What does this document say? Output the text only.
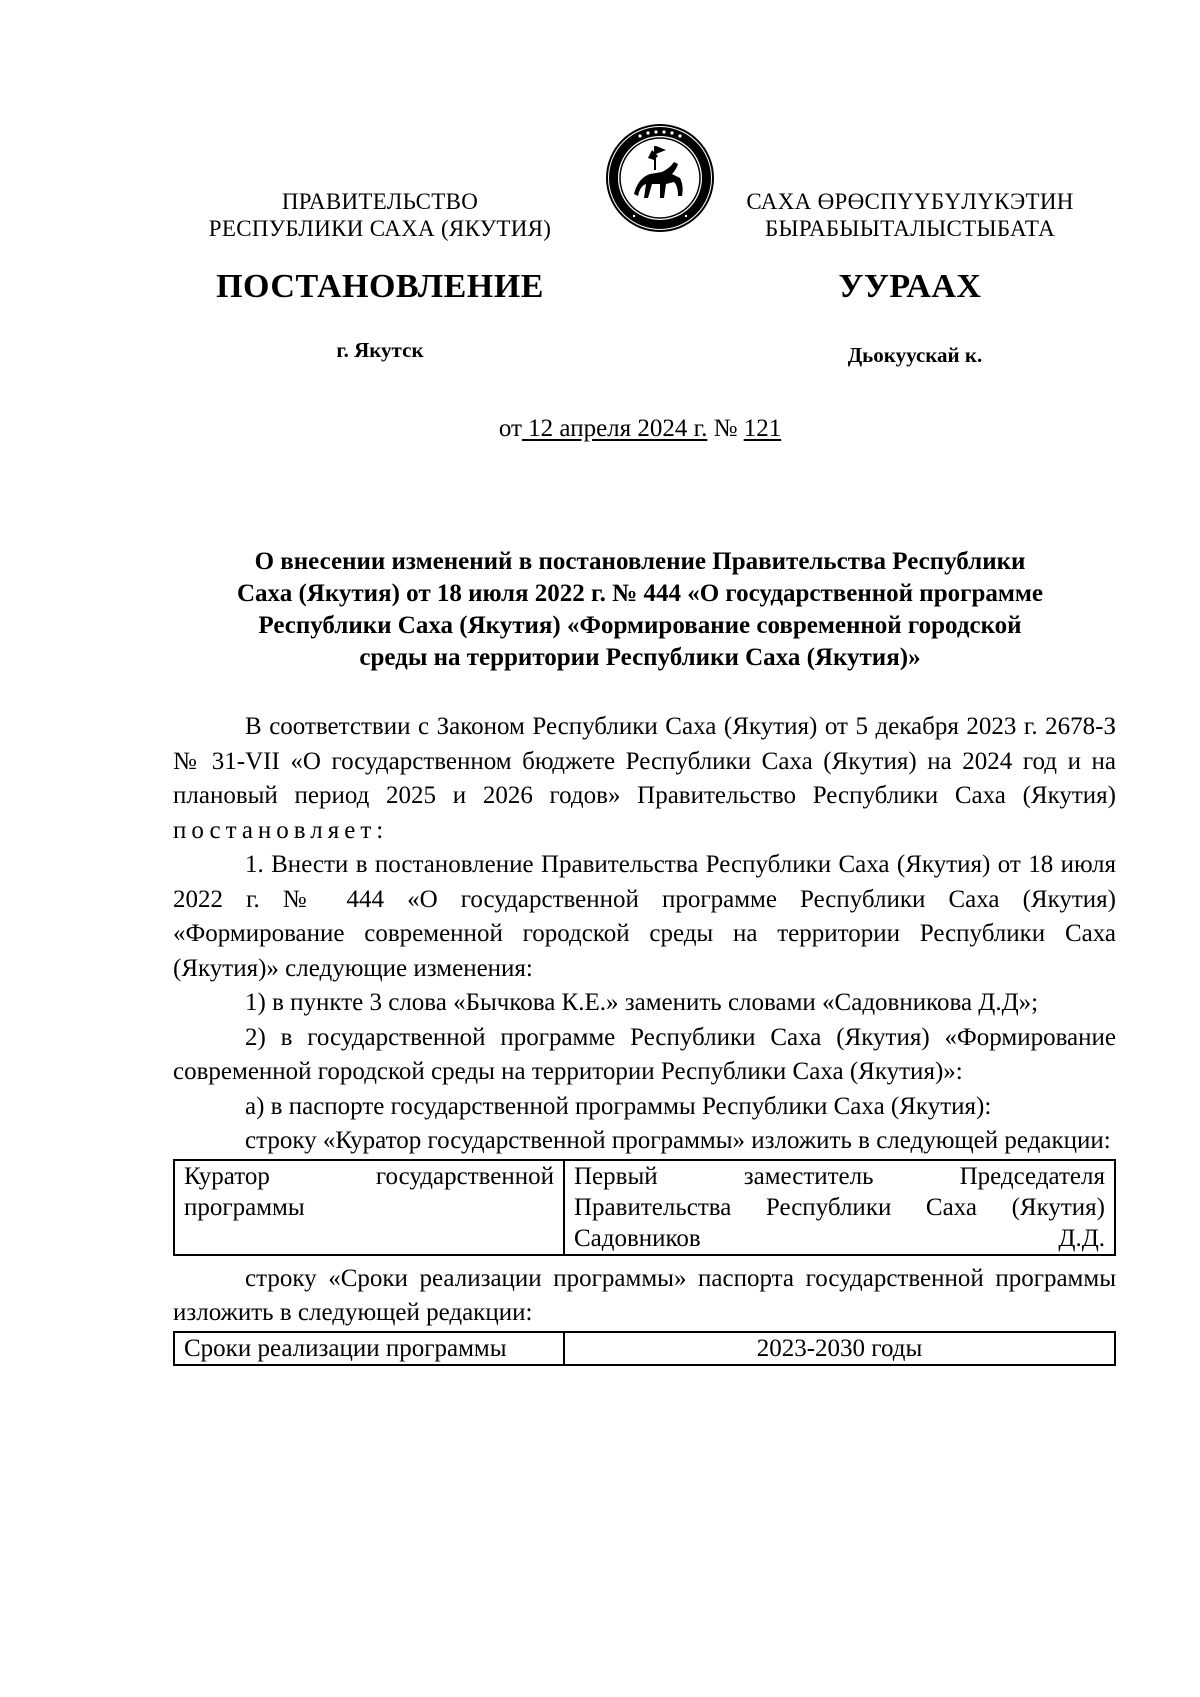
ПРАВИТЕЛЬСТВО
РЕСПУБЛИКИ САХА (ЯКУТИЯ)
САХА ӨРӨСПҮҮБҮЛҮКЭТИН
БЫРАБЫЫТАЛЫСТЫБАТА
ПОСТАНОВЛЕНИЕ	УУРААХ
г. Якутск	Дьокуускай к.
от 12 апреля 2024 г. № 121
О внесении изменений в постановление Правительства Республики
Саха (Якутия) от 18 июля 2022 г. № 444 «О государственной программе
Республики Саха (Якутия) «Формирование современной городской
среды на территории Республики Саха (Якутия)»

В соответствии с Законом Республики Саха (Якутия) от 5 декабря 2023 г. 2678-З № 31-VII «О государственном бюджете Республики Саха (Якутия) на 2024 год и на плановый период 2025 и 2026 годов» Правительство Республики Саха (Якутия) постановляет:

1. Внести в постановление Правительства Республики Саха (Якутия) от 18 июля 2022 г. № 444 «О государственной программе Республики Саха (Якутия) «Формирование современной городской среды на территории Республики Саха (Якутия)» следующие изменения:

1) в пункте 3 слова «Бычкова К.Е.» заменить словами «Садовникова Д.Д»;

2) в государственной программе Республики Саха (Якутия) «Формирование современной городской среды на территории Республики Саха (Якутия)»:

а) в паспорте государственной программы Республики Саха (Якутия):

строку «Куратор государственной программы» изложить в следующей редакции:

Куратор государственной программы	Первый заместитель Председателя Правительства Республики Саха (Якутия) Садовников Д.Д.

строку «Сроки реализации программы» паспорта государственной программы изложить в следующей редакции:

Сроки реализации программы	2023-2030 годы
